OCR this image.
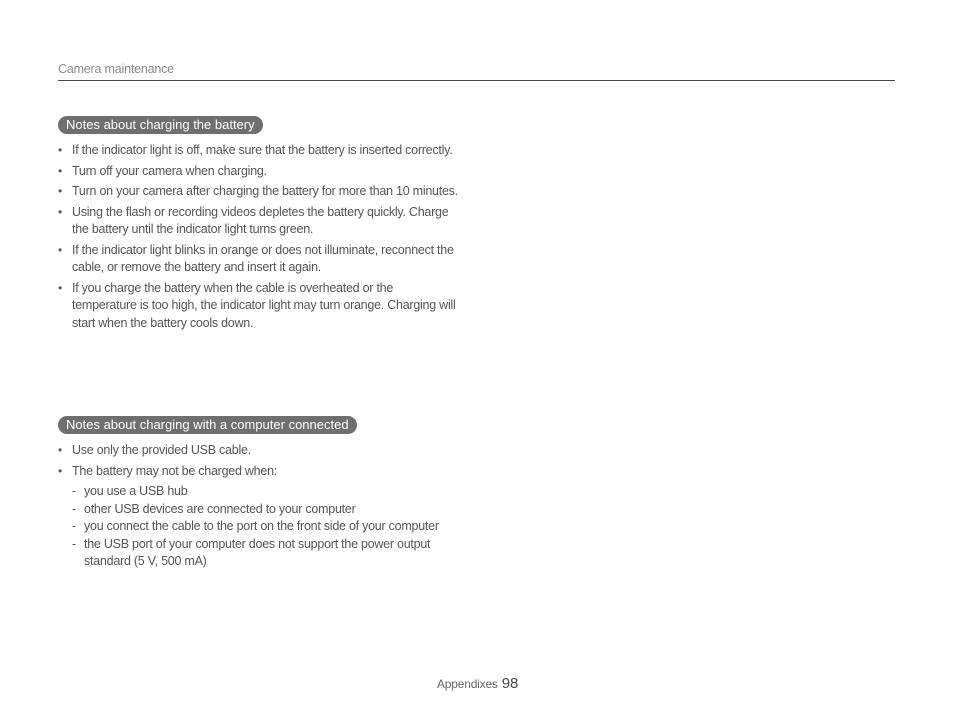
Camera maintenance
Notes about charging the battery
• If the indicator light is off, make sure that the battery is inserted correctly.
• Turn off your camera when charging.
• Turn on your camera after charging the battery for more than 10 minutes.
• Using the flash or recording videos depletes the battery quickly. Charge the battery until the indicator light turns green.
• If the indicator light blinks in orange or does not illuminate, reconnect the cable, or remove the battery and insert it again.
• If you charge the battery when the cable is overheated or the temperature is too high, the indicator light may turn orange. Charging will start when the battery cools down.
Notes about charging with a computer connected
• Use only the provided USB cable.
• The battery may not be charged when:
- you use a USB hub
- other USB devices are connected to your computer
- you connect the cable to the port on the front side of your computer
- the USB port of your computer does not support the power output standard (5 V, 500 mA)
Appendixes 98
